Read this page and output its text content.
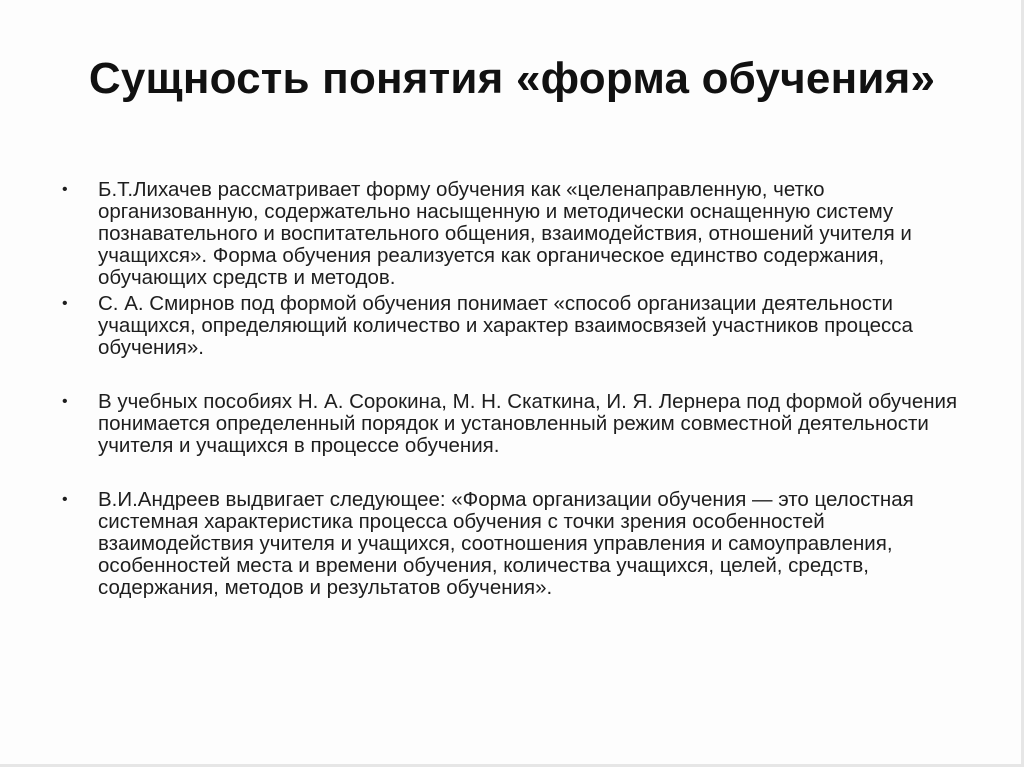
Сущность понятия «форма обучения»
•	Б.Т.Лихачев рассматривает форму обучения как «целенаправленную, четко организованную, содержательно насыщенную и методически оснащенную систему познавательного и воспитательного общения, взаимодействия, отношений учителя и учащихся». Форма обучения реализуется как органическое единство содержания, обучающих средств и методов.
•	С. А. Смирнов под формой обучения понимает «способ организации деятельности учащихся, определяющий количество и характер взаимосвязей участников процесса обучения».
•	В учебных пособиях Н. А. Сорокина, М. Н. Скаткина, И. Я. Лернера под формой обучения понимается определенный порядок и установленный режим совместной деятельности учителя и учащихся в процессе обучения.
•	В.И.Андреев выдвигает следующее: «Форма организации обучения — это целостная системная характеристика процесса обучения с точки зрения особенностей взаимодействия учителя и учащихся, соотношения управления и самоуправления, особенностей места и времени обучения, количества учащихся, целей, средств, содержания, методов и результатов обучения».
